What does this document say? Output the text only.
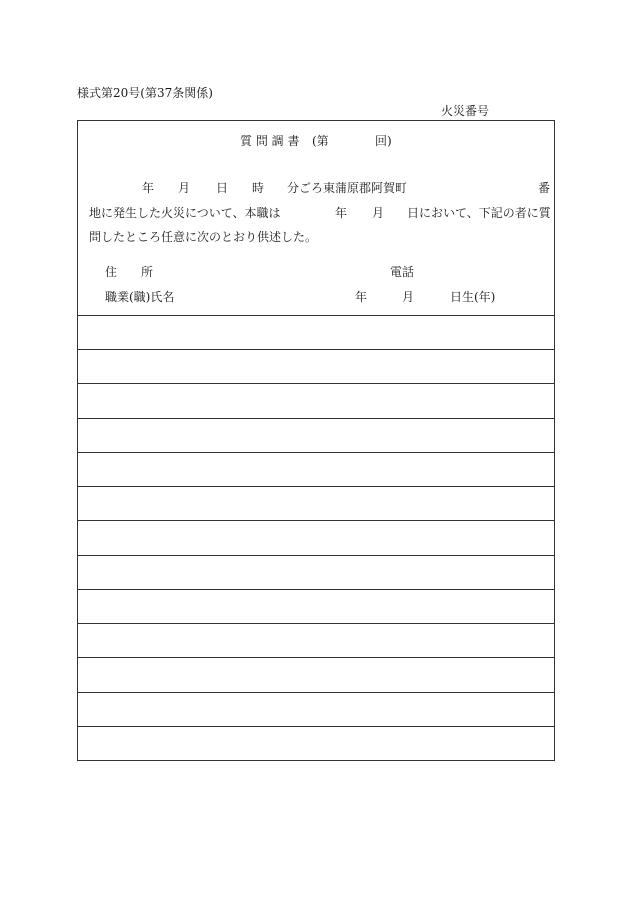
様式第20号(第37条関係)
火災番号
質 問 調 書 (第	回)
年 月 日 時 分ごろ東蒲原郡阿賀町	番
地に発生した火災について、本職は	年 月 日において、下記の者に質
問したところ任意に次のとおり供述した。
住　　所	電話
職業(職)氏名	年	月	日生(年)
